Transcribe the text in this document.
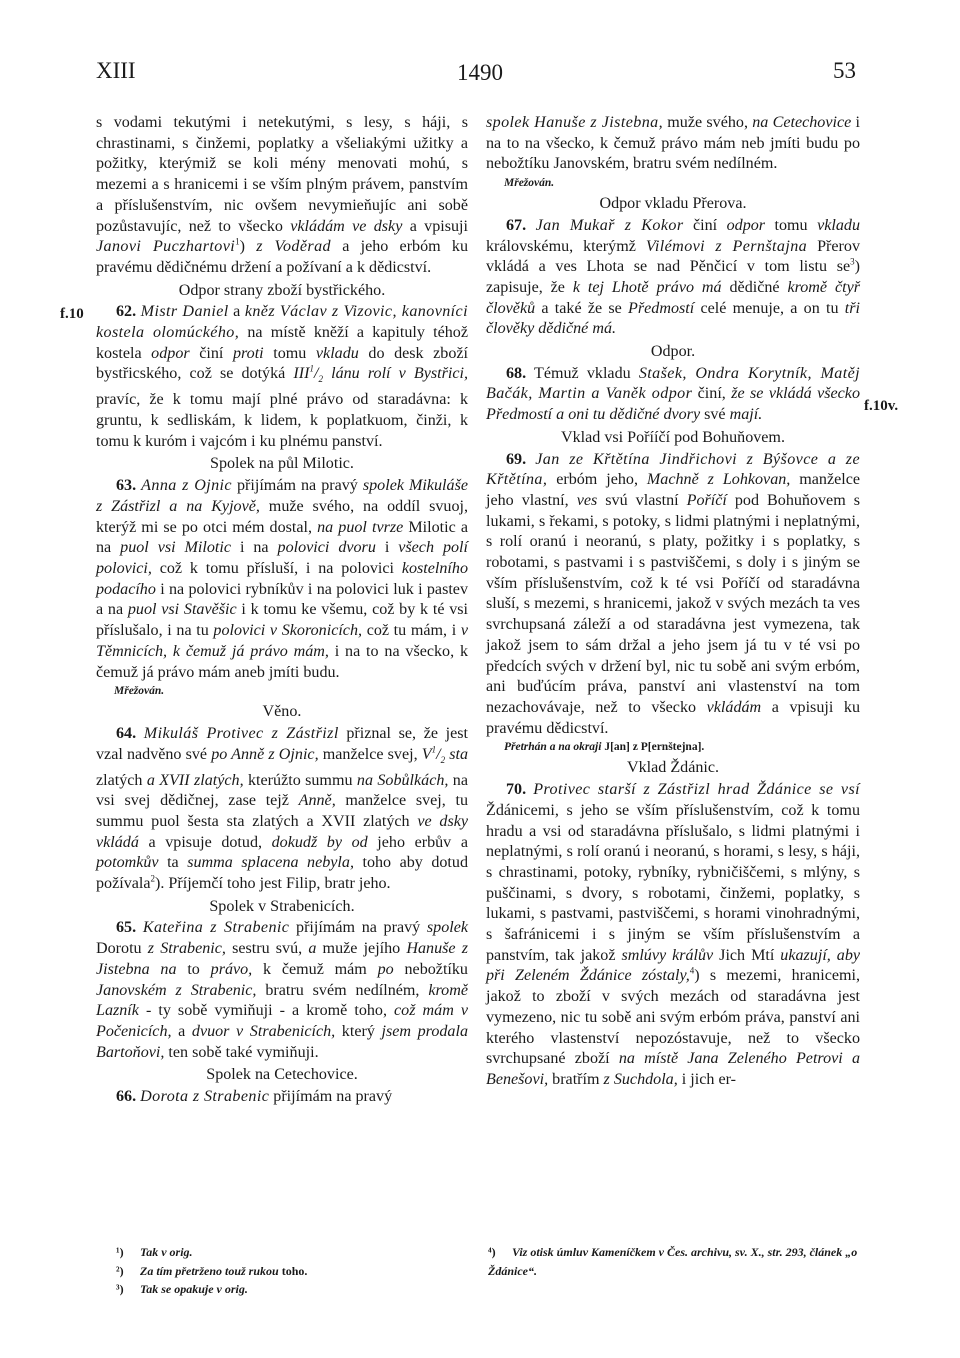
XIII	1490	53
f.10
f.10v.

s vodami tekutými i netekutými, s lesy, s háji, s chrastinami, s činžemi, poplatky a všeliakými užitky a požitky, kterýmiž se koli mény menovati mohú, s mezemi a s hranicemi i se vším plným právem, panstvím a příslušenstvím, nic ovšem nevymieňujíc ani sobě pozůstavujíc, než to všecko vkládám ve dsky a vpisuji Janovi Puczhartovi$^1$) z Voděrad a jeho erbóm ku pravému dědičnému držení a požívaní a k dědicství.

Odpor strany zboží bystřického.

62. Mistr Daniel a kněz Václav z Vizovic, kanovníci kostela olomúckého, na místě kněží a kapituly téhož kostela odpor činí proti tomu vkladu do desk zboží bystřicského, což se dotýká $III^1/_2$ lánu rolí v Bystřici, pravíc, že k tomu mají plné právo od staradávna: k gruntu, k sedliskám, k lidem, k poplatkuom, činži, k tomu k kuróm i vajcóm i ku plnému panství.

Spolek na půl Milotic.

63. Anna z Ojnic přijímám na pravý spolek Mikuláše z Zástřizl a na Kyjově, muže svého, na oddíl svuoj, kterýž mi se po otci mém dostal, na puol tvrze Milotic a na puol vsi Milotic i na polovici dvoru i všech polí polovici, což k tomu přísluší, i na polovici kostelního podacího i na polovici rybníkův i na polovici luk i pastev a na puol vsi Stavěšic i k tomu ke všemu, což by k té vsi příslušalo, i na tu polovici v Skoronicích, což tu mám, i v Těmnicích, k čemuž já právo mám, i na to na všecko, k čemuž já právo mám aneb jmíti budu.

Mřežován.

Věno.

64. Mikuláš Protivec z Zástřizl přiznal se, že jest vzal nadvěno své po Anně z Ojnic, manželce svej, $V^1/_2$ sta zlatých a XVII zlatých, kterúžto summu na Sobůlkách, na vsi svej dědičnej, zase tejž Anně, manželce svej, tu summu puol šesta sta zlatých a XVII zlatých ve dsky vkládá a vpisuje dotud, dokudž by od jeho erbův a potomkův ta summa splacena nebyla, toho aby dotud požívala$^2$). Příjemčí toho jest Filip, bratr jeho.

Spolek v Strabenicích.

65. Kateřina z Strabenic přijímám na pravý spolek Dorotu z Strabenic, sestru svú, a muže jejího Hanuše z Jistebna na to právo, k čemuž mám po nebožtíku Janovském z Strabenic, bratru svém nedílném, kromě Lazník - ty sobě vymiňuji - a kromě toho, což mám v Počenicích, a dvuor v Strabenicích, který jsem prodala Bartoňovi, ten sobě také vymiňuji.

Spolek na Cetechovice.

66. Dorota z Strabenic přijímám na pravý

spolek Hanuše z Jistebna, muže svého, na Cetechovice i na to na všecko, k čemuž právo mám neb jmíti budu po nebožtíku Janovském, bratru svém nedílném.

Mřežován.

Odpor vkladu Přerova.

67. Jan Mukař z Kokor činí odpor tomu vkladu královskému, kterýmž Vilémovi z Pernštajna Přerov vkládá a ves Lhota se nad Pěnčicí v tom listu $se^3$) zapisuje, že k tej Lhotě právo má dědičné kromě čtyř člověků a také že se Předmostí celé menuje, a on tu tři člověky dědičné má.

Odpor.

68. Témuž vkladu Stašek, Ondra Korytník, Matěj Bačák, Martin a Vaněk odpor činí, že se vkládá všecko Předmostí a oni tu dědičné dvory své mají.

Vklad vsi Pořííčí pod Bohuňovem.

69. Jan ze Křtětína Jindřichovi z Býšovce a ze Křtětína, erbóm jeho, Machně z Lohkovan, manželce jeho vlastní, ves svú vlastní Poříčí pod Bohuňovem s lukami, s řekami, s potoky, s lidmi platnými i neplatnými, s rolí oranú i neoranú, s platy, požitky i s poplatky, s robotami, s pastvami i s pastviščemi, s doly i s jiným se vším příslušenstvím, což k té vsi Poříčí od staradávna sluší, s mezemi, s hranicemi, jakož v svých mezách ta ves svrchupsaná záleží a od staradávna jest vymezena, tak jakož jsem to sám držal a jeho jsem já tu v té vsi po předcích svých v držení byl, nic tu sobě ani svým erbóm, ani buďúcím práva, panství ani vlastenství na tom nezachovávaje, než to všecko vkládám a vpisuji ku pravému dědicství.

Přetrhán a na okraji J[an] z P[ernštejna].

Vklad Ždánic.

70. Protivec starší z Zástřizl hrad Ždánice se vsí Ždánicemi, s jeho se vším příslušenstvím, což k tomu hradu a vsi od staradávna příslušalo, s lidmi platnými i neplatnými, s rolí oranú i neoranú, s horami, s lesy, s háji, s chrastinami, potoky, rybníky, rybničiščemi, s mlýny, s puščinami, s dvory, s robotami, činžemi, poplatky, s lukami, s pastvami, pastviščemi, s horami vinohradnými, s šafránicemi i s jiným se vším příslušenstvím a panstvím, tak jakož smlúvy králův Jich Mtí ukazují, aby při Zeleném Ždánice zóstaly,$^4$) s mezemi, hranicemi, jakož to zboží v svých mezách od staradávna jest vymezeno, nic tu sobě ani svým erbóm práva, panství ani kterého vlastenství nepozóstavuje, než to všecko svrchupsané zboží na místě Jana Zeleného Petrovi a Benešovi, bratřím z Suchdola, i jich er-

¹) Tak v orig.
²) Za tím přetrženo touž rukou toho.
³) Tak se opakuje v orig.
⁴) Viz otisk úmluv Kameníčkem v Čes. archivu, sv. X., str. 293, článek „o Ždánice“.
